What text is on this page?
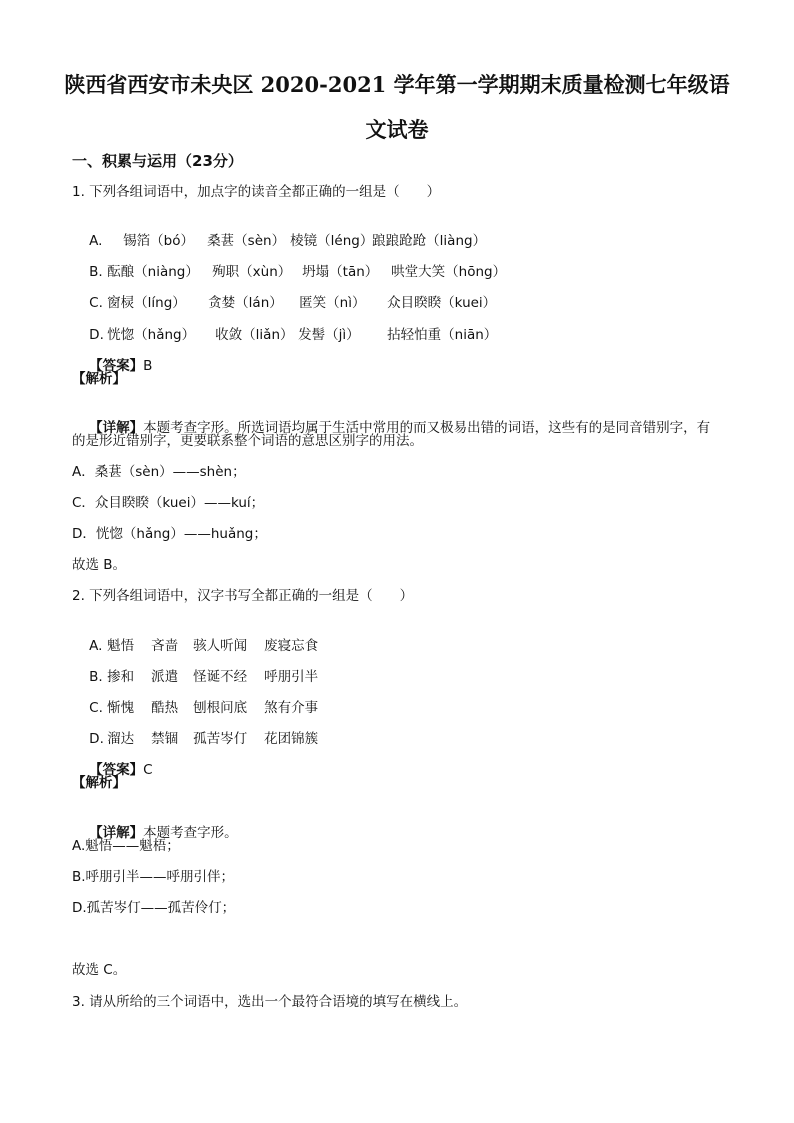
陕西省西安市未央区 2020-2021 学年第一学期期末质量检测七年级语
文试卷
一、积累与运用（23分）
1. 下列各组词语中，加点字的读音全都正确的一组是（　　）

A. 锡箔（bó） 桑葚（sèn） 棱镜（léng）踉踉跄跄（liàng）

B. 酝酿（niàng） 殉职（xùn） 坍塌（tān） 哄堂大笑（hōng）

C. 窗棂（líng） 贪婪（lán） 匿笑（nì） 众目睽睽（kuei）

D. 恍惚（hǎng） 收敛（liǎn） 发髻（jì） 拈轻怕重（niān）

【答案】B

【解析】

【详解】本题考查字形。所选词语均属于生活中常用的而又极易出错的词语，这些有的是同音错别字，有

的是形近错别字，更要联系整个词语的意思区别字的用法。
A．桑葚（sèn）——shèn；
C．众目睽睽（kuei）——kuí；
D．恍惚（hǎng）——huǎng；
故选 B。
2. 下列各组词语中，汉字书写全都正确的一组是（　　）

A. 魁悟 吝啬 骇人听闻 废寝忘食

B. 掺和 派遣 怪诞不经 呼朋引半

C. 惭愧 酷热 刨根问底 煞有介事

D. 溜达 禁锢 孤苦岑仃 花团锦簇

【答案】C

【解析】

【详解】本题考查字形。

A.魁悟——魁梧；
B.呼朋引半——呼朋引伴；
D.孤苦岑仃——孤苦伶仃；
故选 C。
3. 请从所给的三个词语中，选出一个最符合语境的填写在横线上。
